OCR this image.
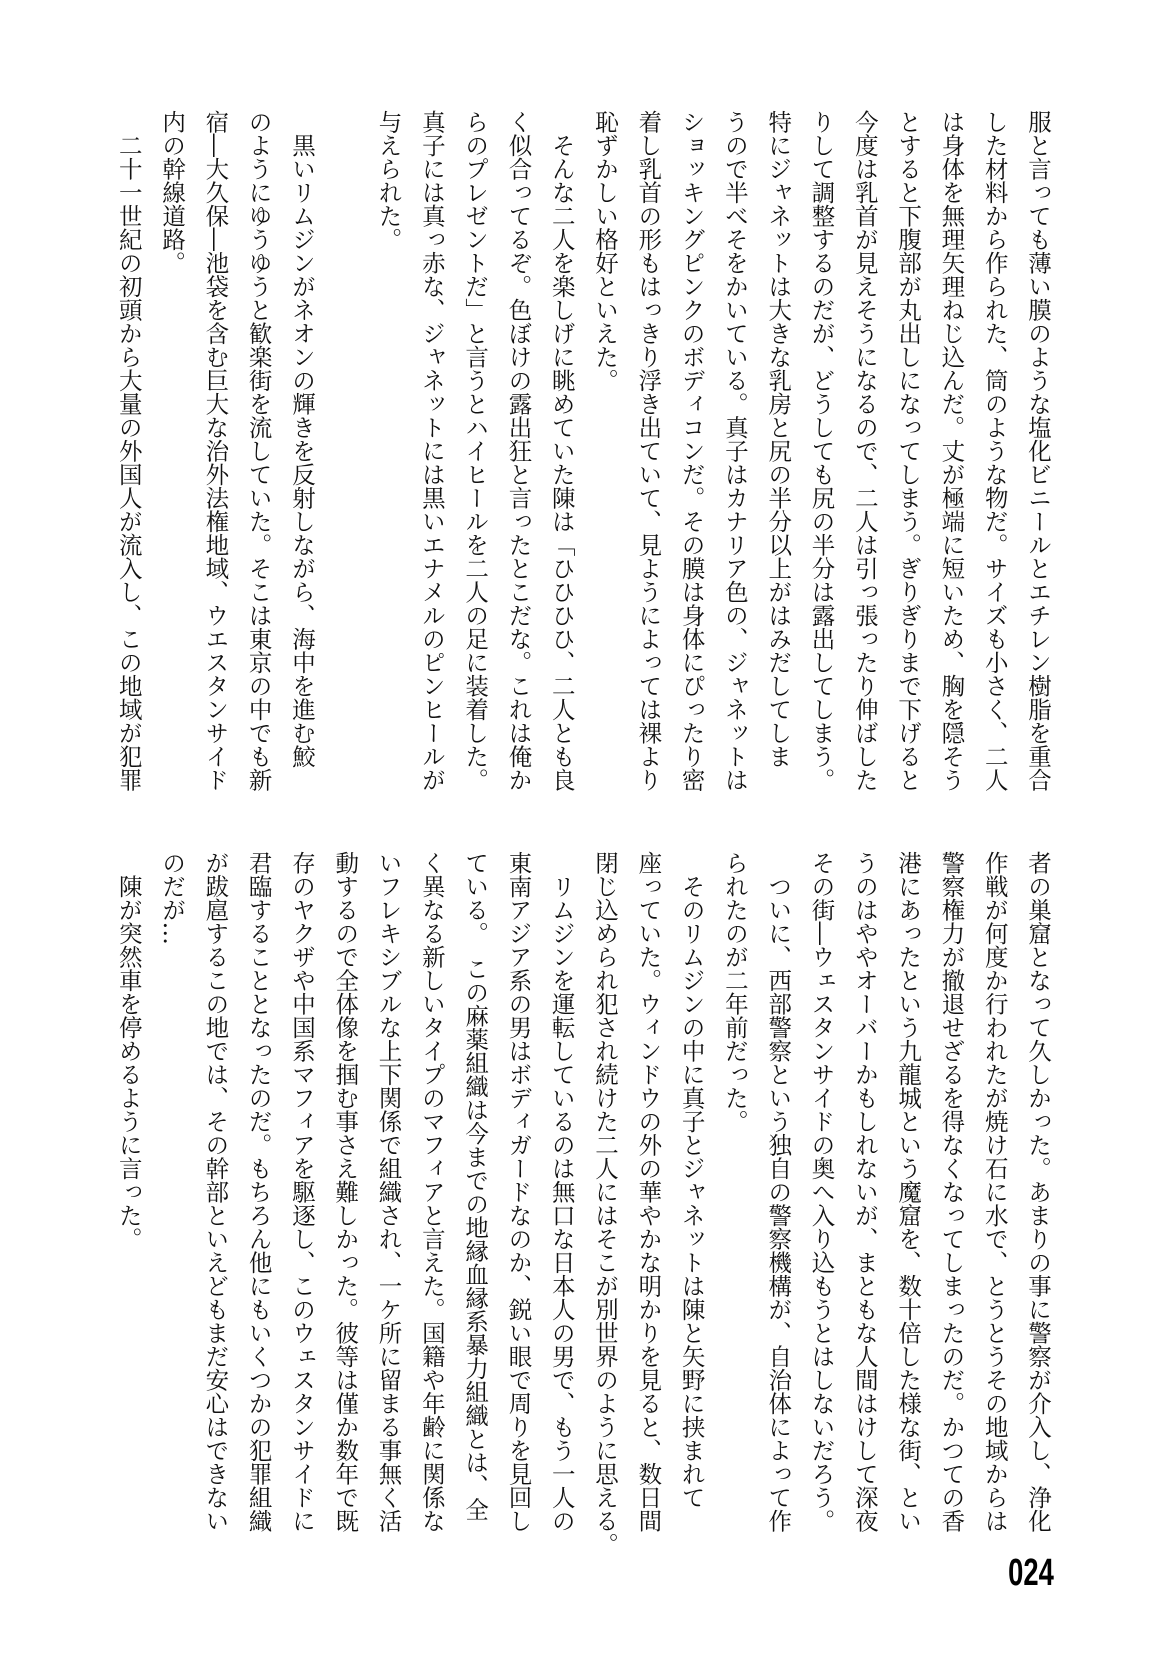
服と言っても薄い膜のような塩化ビニールとエチレン樹脂を重合
した材料から作られた、筒のような物だ。サイズも小さく、二人
は身体を無理矢理ねじ込んだ。丈が極端に短いため、胸を隠そう
とすると下腹部が丸出しになってしまう。ぎりぎりまで下げると
今度は乳首が見えそうになるので、二人は引っ張ったり伸ばした
りして調整するのだが、どうしても尻の半分は露出してしまう。
特にジャネットは大きな乳房と尻の半分以上がはみだしてしま
うので半べそをかいている。真子はカナリア色の、ジャネットは
ショッキングピンクのボディコンだ。その膜は身体にぴったり密
着し乳首の形もはっきり浮き出ていて、見ようによっては裸より
恥ずかしい格好といえた。
　そんな二人を楽しげに眺めていた陳は「ひひひひ、二人とも良
く似合ってるぞ。色ぼけの露出狂と言ったとこだな。これは俺か
らのプレゼントだ」と言うとハイヒールを二人の足に装着した。
真子には真っ赤な、ジャネットには黒いエナメルのピンヒールが
与えられた。
　黒いリムジンがネオンの輝きを反射しながら、海中を進む鮫
のようにゆうゆうと歓楽街を流していた。そこは東京の中でも新
宿―大久保―池袋を含む巨大な治外法権地域、ウエスタンサイド
内の幹線道路。
　二十一世紀の初頭から大量の外国人が流入し、この地域が犯罪
者の巣窟となって久しかった。あまりの事に警察が介入し、浄化
作戦が何度か行われたが焼け石に水で、とうとうその地域からは
警察権力が撤退せざるを得なくなってしまったのだ。かつての香
港にあったという九龍城という魔窟を、数十倍した様な街、とい
うのはややオーバーかもしれないが、まともな人間はけして深夜
その街―ウェスタンサイドの奥へ入り込もうとはしないだろう。
　ついに、西部警察という独自の警察機構が、自治体によって作
られたのが二年前だった。
　そのリムジンの中に真子とジャネットは陳と矢野に挟まれて
座っていた。ウィンドウの外の華やかな明かりを見ると、数日間
閉じ込められ犯され続けた二人にはそこが別世界のように思える。
　リムジンを運転しているのは無口な日本人の男で、もう一人の
東南アジア系の男はボディガードなのか、鋭い眼で周りを見回し
ている。　この麻薬組織は今までの地縁血縁系暴力組織とは、全
く異なる新しいタイプのマフィアと言えた。国籍や年齢に関係な
いフレキシブルな上下関係で組織され、一ケ所に留まる事無く活
動するので全体像を掴む事さえ難しかった。彼等は僅か数年で既
存のヤクザや中国系マフィアを駆逐し、このウェスタンサイドに
君臨することとなったのだ。もちろん他にもいくつかの犯罪組織
が跋扈するこの地では、その幹部といえどもまだ安心はできない
のだが…
　陳が突然車を停めるように言った。
024
